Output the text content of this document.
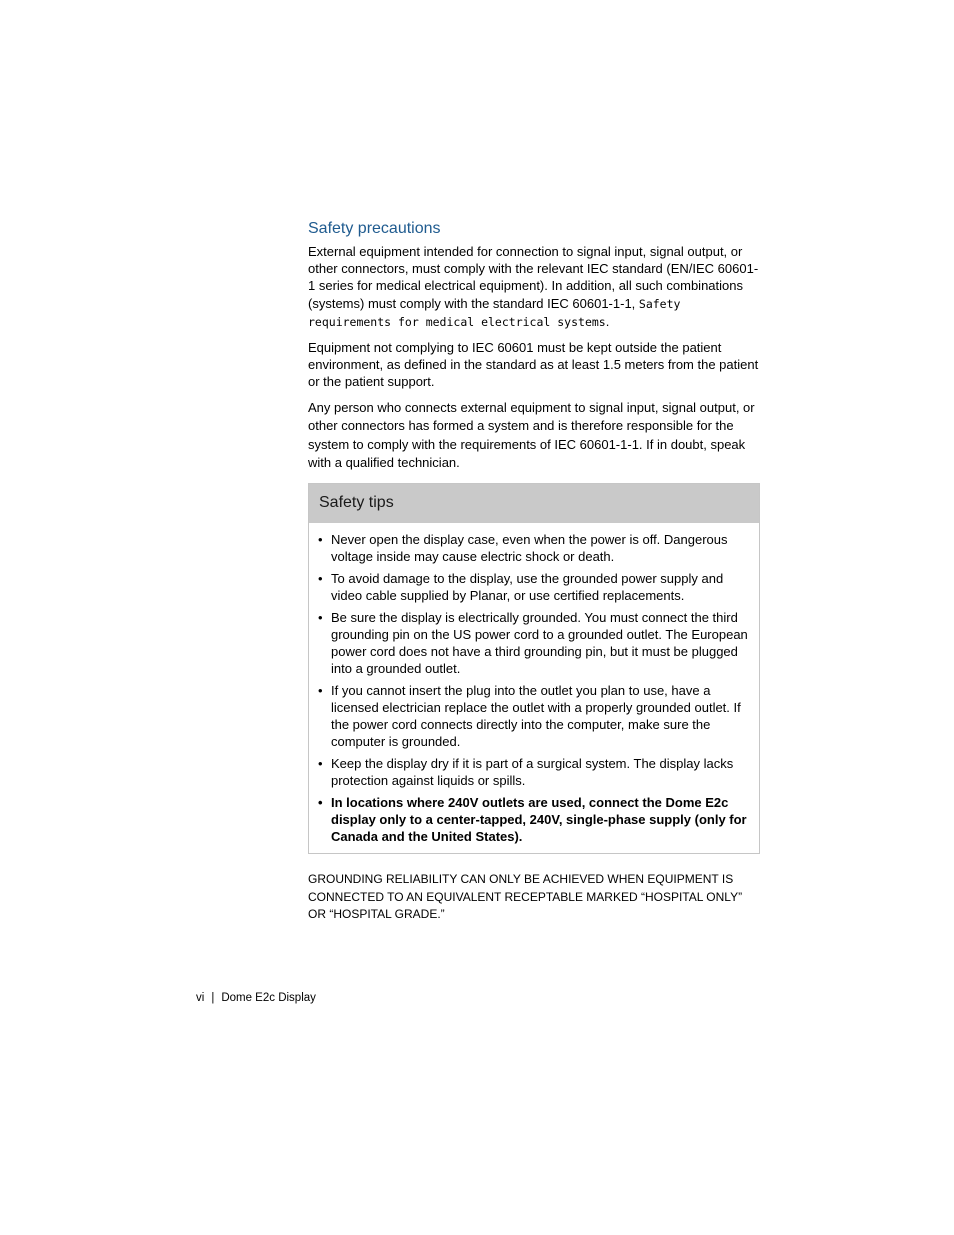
Safety precautions

External equipment intended for connection to signal input, signal output, or other connectors, must comply with the relevant IEC standard (EN/IEC 60601-1 series for medical electrical equipment). In addition, all such combinations (systems) must comply with the standard IEC 60601-1-1, Safety requirements for medical electrical systems.

Equipment not complying to IEC 60601 must be kept outside the patient environment, as defined in the standard as at least 1.5 meters from the patient or the patient support.

Any person who connects external equipment to signal input, signal output, or other connectors has formed a system and is therefore responsible for the system to comply with the requirements of IEC 60601-1-1. If in doubt, speak with a qualified technician.

Safety tips
• Never open the display case, even when the power is off. Dangerous voltage inside may cause electric shock or death.
• To avoid damage to the display, use the grounded power supply and video cable supplied by Planar, or use certified replacements.
• Be sure the display is electrically grounded. You must connect the third grounding pin on the US power cord to a grounded outlet. The European power cord does not have a third grounding pin, but it must be plugged into a grounded outlet.
• If you cannot insert the plug into the outlet you plan to use, have a licensed electrician replace the outlet with a properly grounded outlet. If the power cord connects directly into the computer, make sure the computer is grounded.
• Keep the display dry if it is part of a surgical system. The display lacks protection against liquids or spills.
• In locations where 240V outlets are used, connect the Dome E2c display only to a center-tapped, 240V, single-phase supply (only for Canada and the United States).

GROUNDING RELIABILITY CAN ONLY BE ACHIEVED WHEN EQUIPMENT IS CONNECTED TO AN EQUIVALENT RECEPTABLE MARKED “HOSPITAL ONLY” OR “HOSPITAL GRADE.”

vi | Dome E2c Display
